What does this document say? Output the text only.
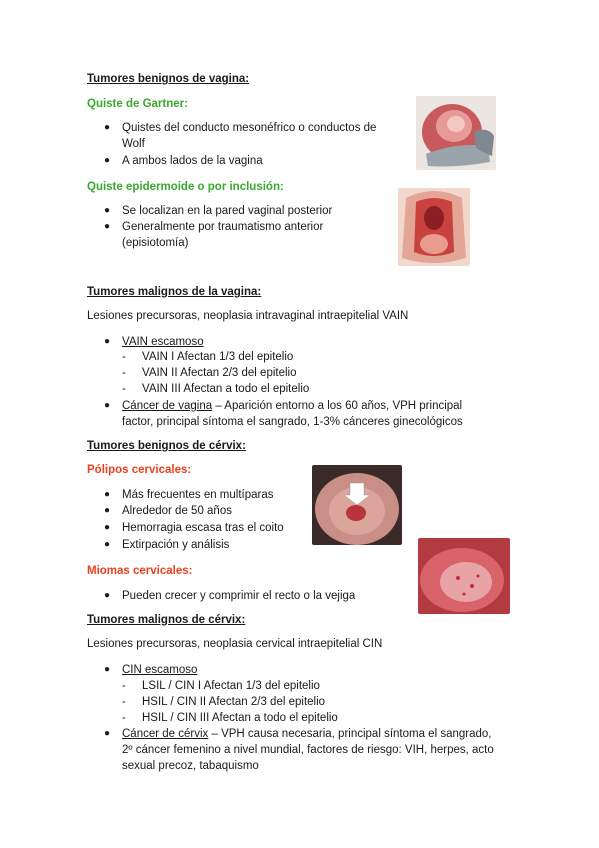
Tumores benignos de vagina:
Quiste de Gartner:
● Quistes del conducto mesonéfrico o conductos de
Wolf
● A ambos lados de la vagina
Quiste epidermoide o por inclusión:
● Se localizan en la pared vaginal posterior
● Generalmente por traumatismo anterior
(episiotomía)
Tumores malignos de la vagina:
Lesiones precursoras, neoplasia intravaginal intraepitelial VAIN
● VAIN escamoso
- VAIN I Afectan 1/3 del epitelio
- VAIN II Afectan 2/3 del epitelio
- VAIN III Afectan a todo el epitelio
● Cáncer de vagina – Aparición entorno a los 60 años, VPH principal
factor, principal síntoma el sangrado, 1-3% cánceres ginecológicos
Tumores benignos de cérvix:
Pólipos cervicales:
● Más frecuentes en multíparas
● Alrededor de 50 años
● Hemorragia escasa tras el coito
● Extirpación y análisis
Miomas cervicales:
● Pueden crecer y comprimir el recto o la vejiga
Tumores malignos de cérvix:
Lesiones precursoras, neoplasia cervical intraepitelial CIN
● CIN escamoso
- LSIL / CIN I Afectan 1/3 del epitelio
- HSIL / CIN II Afectan 2/3 del epitelio
- HSIL / CIN III Afectan a todo el epitelio
● Cáncer de cérvix – VPH causa necesaria, principal síntoma el sangrado,
2º cáncer femenino a nivel mundial, factores de riesgo: VIH, herpes, acto
sexual precoz, tabaquismo
